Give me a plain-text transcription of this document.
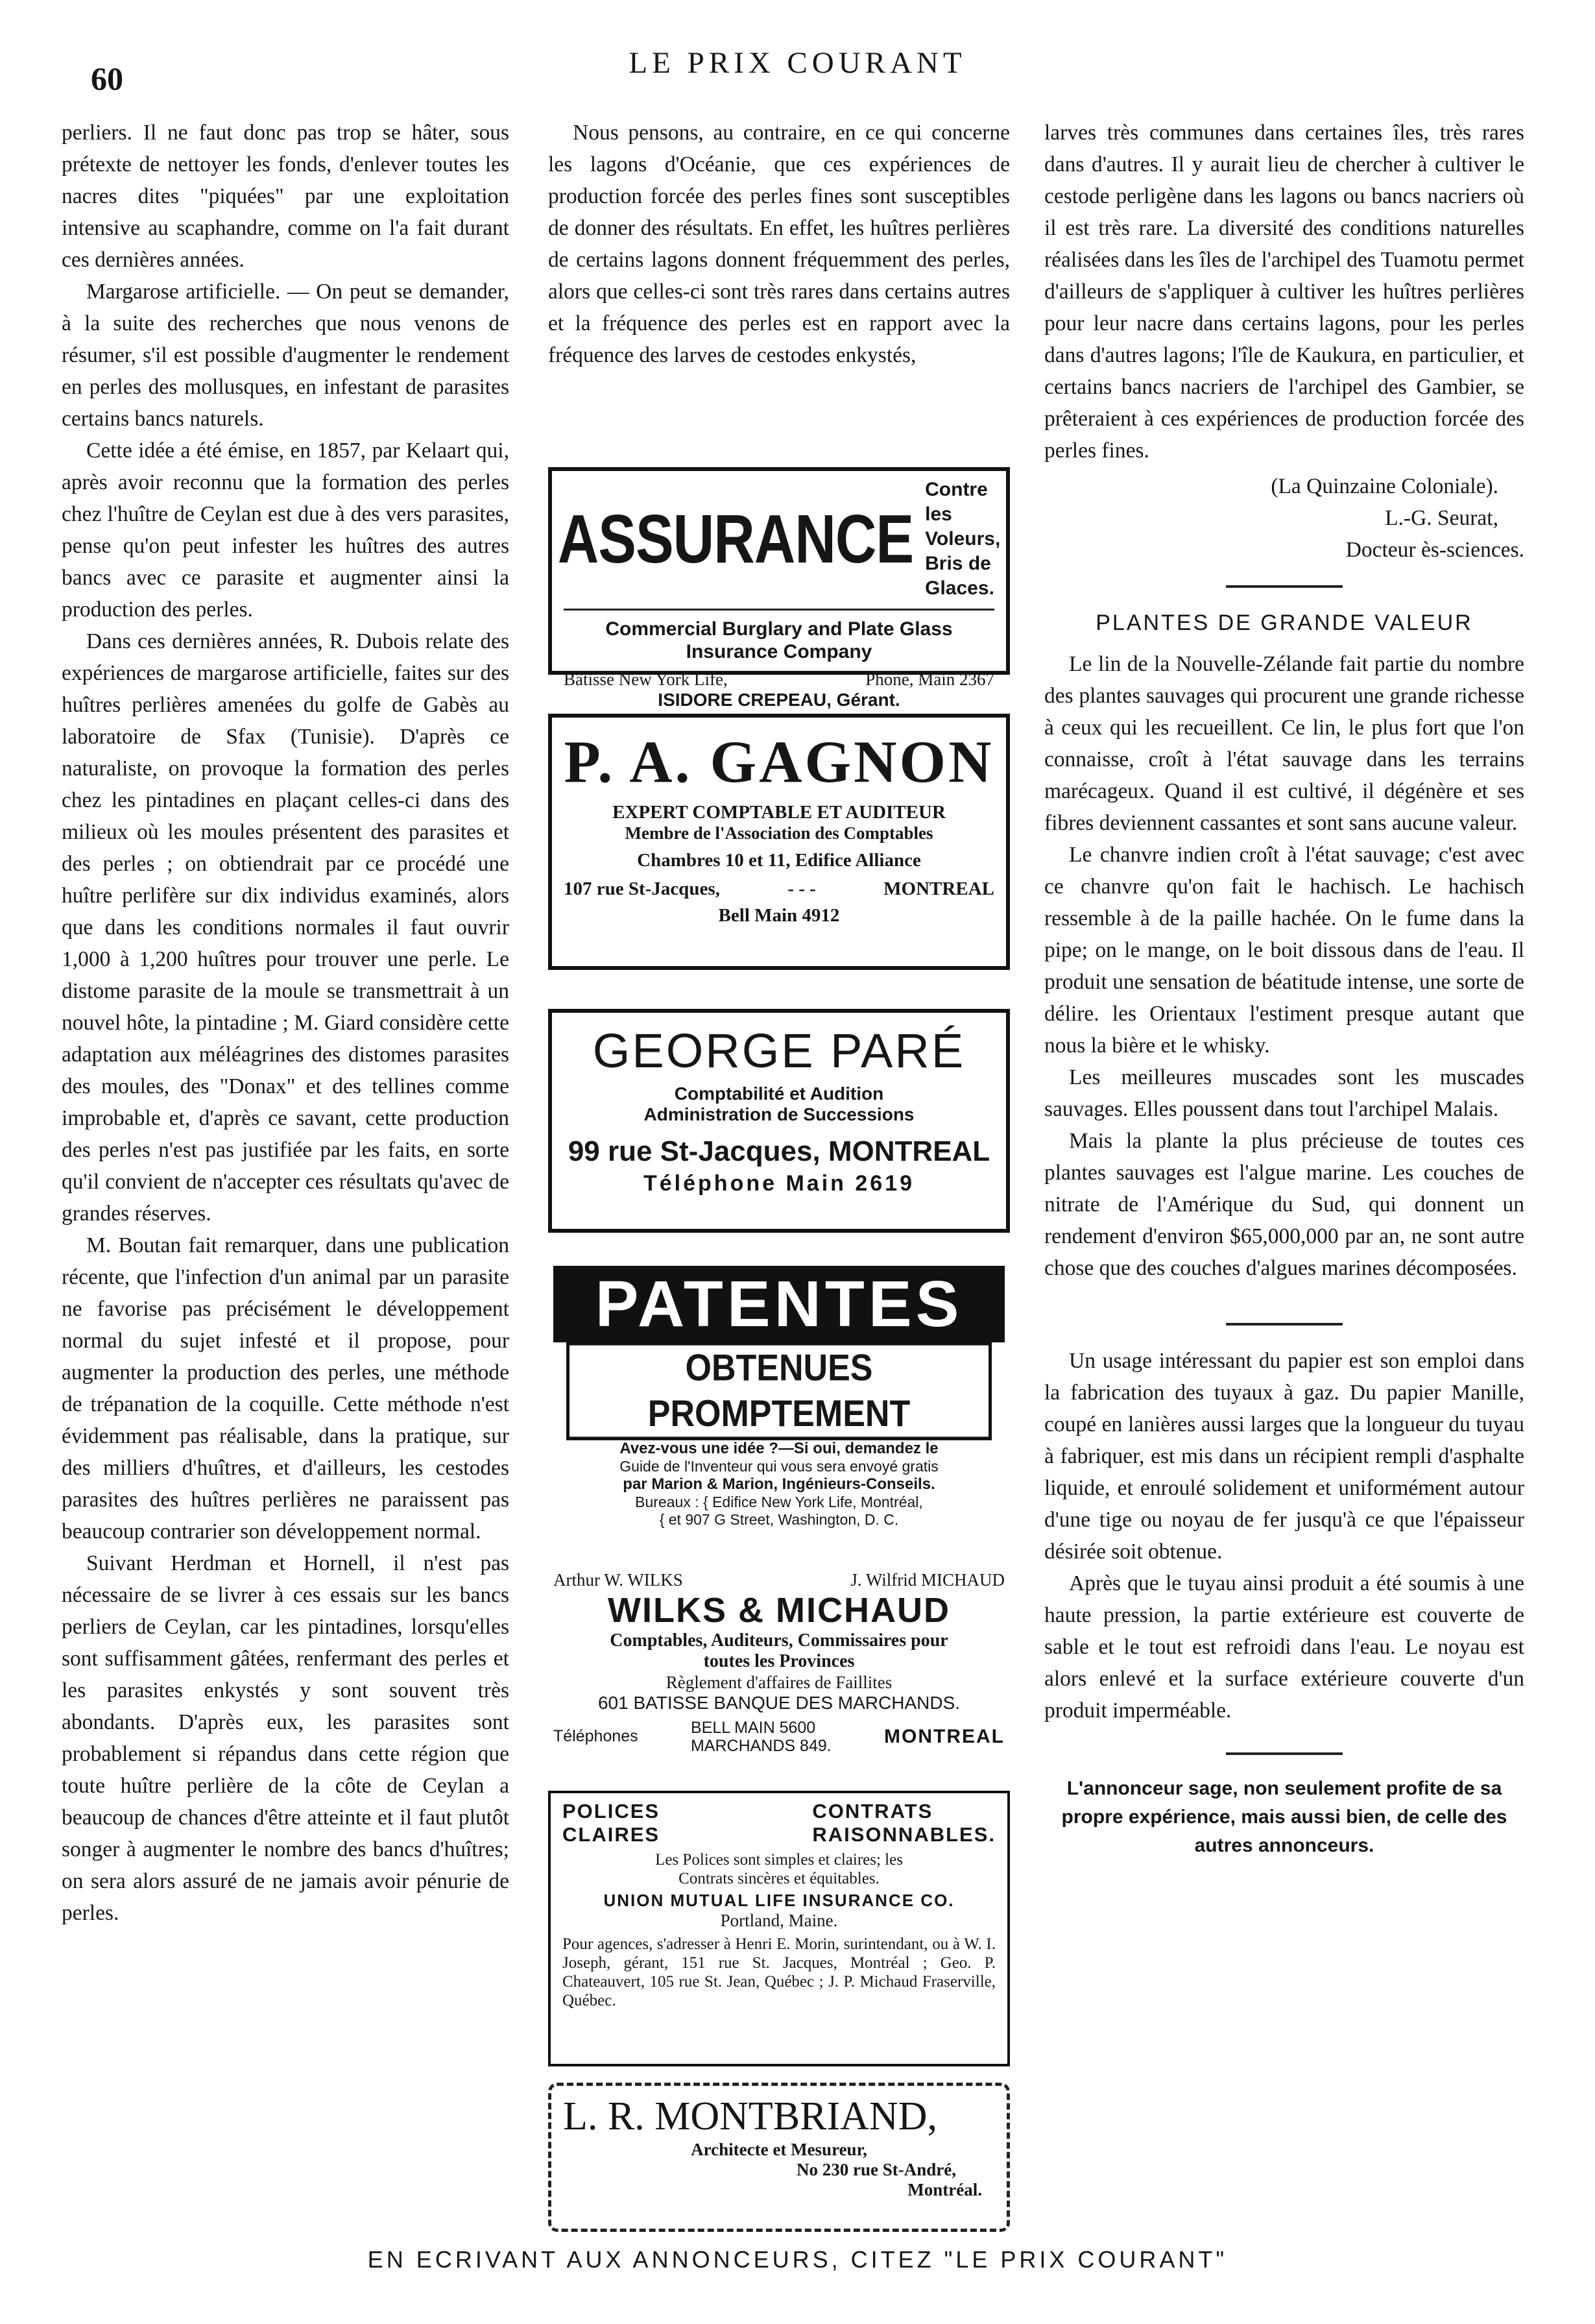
60	LE PRIX COURANT

perliers. Il ne faut donc pas trop se hâter, sous prétexte de nettoyer les fonds, d'enlever toutes les nacres dites "piquées" par une exploitation intensive au scaphandre, comme on l'a fait durant ces dernières années.

Margarose artificielle. — On peut se demander, à la suite des recherches que nous venons de résumer, s'il est possible d'augmenter le rendement en perles des mollusques, en infestant de parasites certains bancs naturels.

Cette idée a été émise, en 1857, par Kelaart qui, après avoir reconnu que la formation des perles chez l'huître de Ceylan est due à des vers parasites, pense qu'on peut infester les huîtres des autres bancs avec ce parasite et augmenter ainsi la production des perles.

Dans ces dernières années, R. Dubois relate des expériences de margarose artificielle, faites sur des huîtres perlières amenées du golfe de Gabès au laboratoire de Sfax (Tunisie). D'après ce naturaliste, on provoque la formation des perles chez les pintadines en plaçant celles-ci dans des milieux où les moules présentent des parasites et des perles ; on obtiendrait par ce procédé une huître perlifère sur dix individus examinés, alors que dans les conditions normales il faut ouvrir 1,000 à 1,200 huîtres pour trouver une perle. Le distome parasite de la moule se transmettrait à un nouvel hôte, la pintadine ; M. Giard considère cette adaptation aux méléagrines des distomes parasites des moules, des "Donax" et des tellines comme improbable et, d'après ce savant, cette production des perles n'est pas justifiée par les faits, en sorte qu'il convient de n'accepter ces résultats qu'avec de grandes réserves.

M. Boutan fait remarquer, dans une publication récente, que l'infection d'un animal par un parasite ne favorise pas précisément le développement normal du sujet infesté et il propose, pour augmenter la production des perles, une méthode de trépanation de la coquille. Cette méthode n'est évidemment pas réalisable, dans la pratique, sur des milliers d'huîtres, et d'ailleurs, les cestodes parasites des huîtres perlières ne paraissent pas beaucoup contrarier son développement normal.

Suivant Herdman et Hornell, il n'est pas nécessaire de se livrer à ces essais sur les bancs perliers de Ceylan, car les pintadines, lorsqu'elles sont suffisamment gâtées, renfermant des perles et les parasites enkystés y sont souvent très abondants. D'après eux, les parasites sont probablement si répandus dans cette région que toute huître perlière de la côte de Ceylan a beaucoup de chances d'être atteinte et il faut plutôt songer à augmenter le nombre des bancs d'huîtres; on sera alors assuré de ne jamais avoir pénurie de perles.

Nous pensons, au contraire, en ce qui concerne les lagons d'Océanie, que ces expériences de production forcée des perles fines sont susceptibles de donner des résultats. En effet, les huîtres perlières de certains lagons donnent fréquemment des perles, alors que celles-ci sont très rares dans certains autres et la fréquence des perles est en rapport avec la fréquence des larves de cestodes enkystés,

ASSURANCE
Contre les Voleurs,
Bris de Glaces.
Commercial Burglary and Plate Glass
Insurance Company
Bâtisse New York Life,	Phone, Main 2367
ISIDORE CREPEAU, Gérant.
P. A. GAGNON
EXPERT COMPTABLE ET AUDITEUR
Membre de l'Association des Comptables
Chambres 10 et 11, Edifice Alliance
107 rue St-Jacques,	- - -	MONTREAL
Bell Main 4912
GEORGE PARÉ
Comptabilité et Audition
Administration de Successions
99 rue St-Jacques, MONTREAL
Téléphone Main 2619
PATENTES
OBTENUES PROMPTEMENT
Avez-vous une idée ?—Si oui, demandez le
Guide de l'Inventeur qui vous sera envoyé gratis
par Marion & Marion, Ingénieurs-Conseils.
Bureaux : { Edifice New York Life, Montréal,
{ et 907 G Street, Washington, D. C.
Arthur W. WILKS	J. Wilfrid MICHAUD
WILKS & MICHAUD
Comptables, Auditeurs, Commissaires pour
toutes les Provinces
Règlement d'affaires de Faillites
601 BATISSE BANQUE DES MARCHANDS.
Téléphones	BELL MAIN 5600
MARCHANDS 849.	MONTREAL
POLICES
CLAIRES
CONTRATS
RAISONNABLES.
Les Polices sont simples et claires; les
Contrats sincères et équitables.
UNION MUTUAL LIFE INSURANCE CO.
Portland, Maine.
Pour agences, s'adresser à Henri E. Morin, surintendant, ou à W. I. Joseph, gérant, 151 rue St. Jacques, Montréal ; Geo. P. Chateauvert, 105 rue St. Jean, Québec ; J. P. Michaud Fraserville, Québec.
L. R. MONTBRIAND,
Architecte et Mesureur,
No 230 rue St-André,
Montréal.

larves très communes dans certaines îles, très rares dans d'autres. Il y aurait lieu de chercher à cultiver le cestode perligène dans les lagons ou bancs nacriers où il est très rare. La diversité des conditions naturelles réalisées dans les îles de l'archipel des Tuamotu permet d'ailleurs de s'appliquer à cultiver les huîtres perlières pour leur nacre dans certains lagons, pour les perles dans d'autres lagons; l'île de Kaukura, en particulier, et certains bancs nacriers de l'archipel des Gambier, se prêteraient à ces expériences de production forcée des perles fines.

(La Quinzaine Coloniale).

L.-G. Seurat,

Docteur ès-sciences.

PLANTES DE GRANDE VALEUR

Le lin de la Nouvelle-Zélande fait partie du nombre des plantes sauvages qui procurent une grande richesse à ceux qui les recueillent. Ce lin, le plus fort que l'on connaisse, croît à l'état sauvage dans les terrains marécageux. Quand il est cultivé, il dégénère et ses fibres deviennent cassantes et sont sans aucune valeur.

Le chanvre indien croît à l'état sauvage; c'est avec ce chanvre qu'on fait le hachisch. Le hachisch ressemble à de la paille hachée. On le fume dans la pipe; on le mange, on le boit dissous dans de l'eau. Il produit une sensation de béatitude intense, une sorte de délire. les Orientaux l'estiment presque autant que nous la bière et le whisky.

Les meilleures muscades sont les muscades sauvages. Elles poussent dans tout l'archipel Malais.

Mais la plante la plus précieuse de toutes ces plantes sauvages est l'algue marine. Les couches de nitrate de l'Amérique du Sud, qui donnent un rendement d'environ $65,000,000 par an, ne sont autre chose que des couches d'algues marines décomposées.

Un usage intéressant du papier est son emploi dans la fabrication des tuyaux à gaz. Du papier Manille, coupé en lanières aussi larges que la longueur du tuyau à fabriquer, est mis dans un récipient rempli d'asphalte liquide, et enroulé solidement et uniformément autour d'une tige ou noyau de fer jusqu'à ce que l'épaisseur désirée soit obtenue.

Après que le tuyau ainsi produit a été soumis à une haute pression, la partie extérieure est couverte de sable et le tout est refroidi dans l'eau. Le noyau est alors enlevé et la surface extérieure couverte d'un produit imperméable.

L'annonceur sage, non seulement profite de sa propre expérience, mais aussi bien, de celle des autres annonceurs.
EN ECRIVANT AUX ANNONCEURS, CITEZ "LE PRIX COURANT"
